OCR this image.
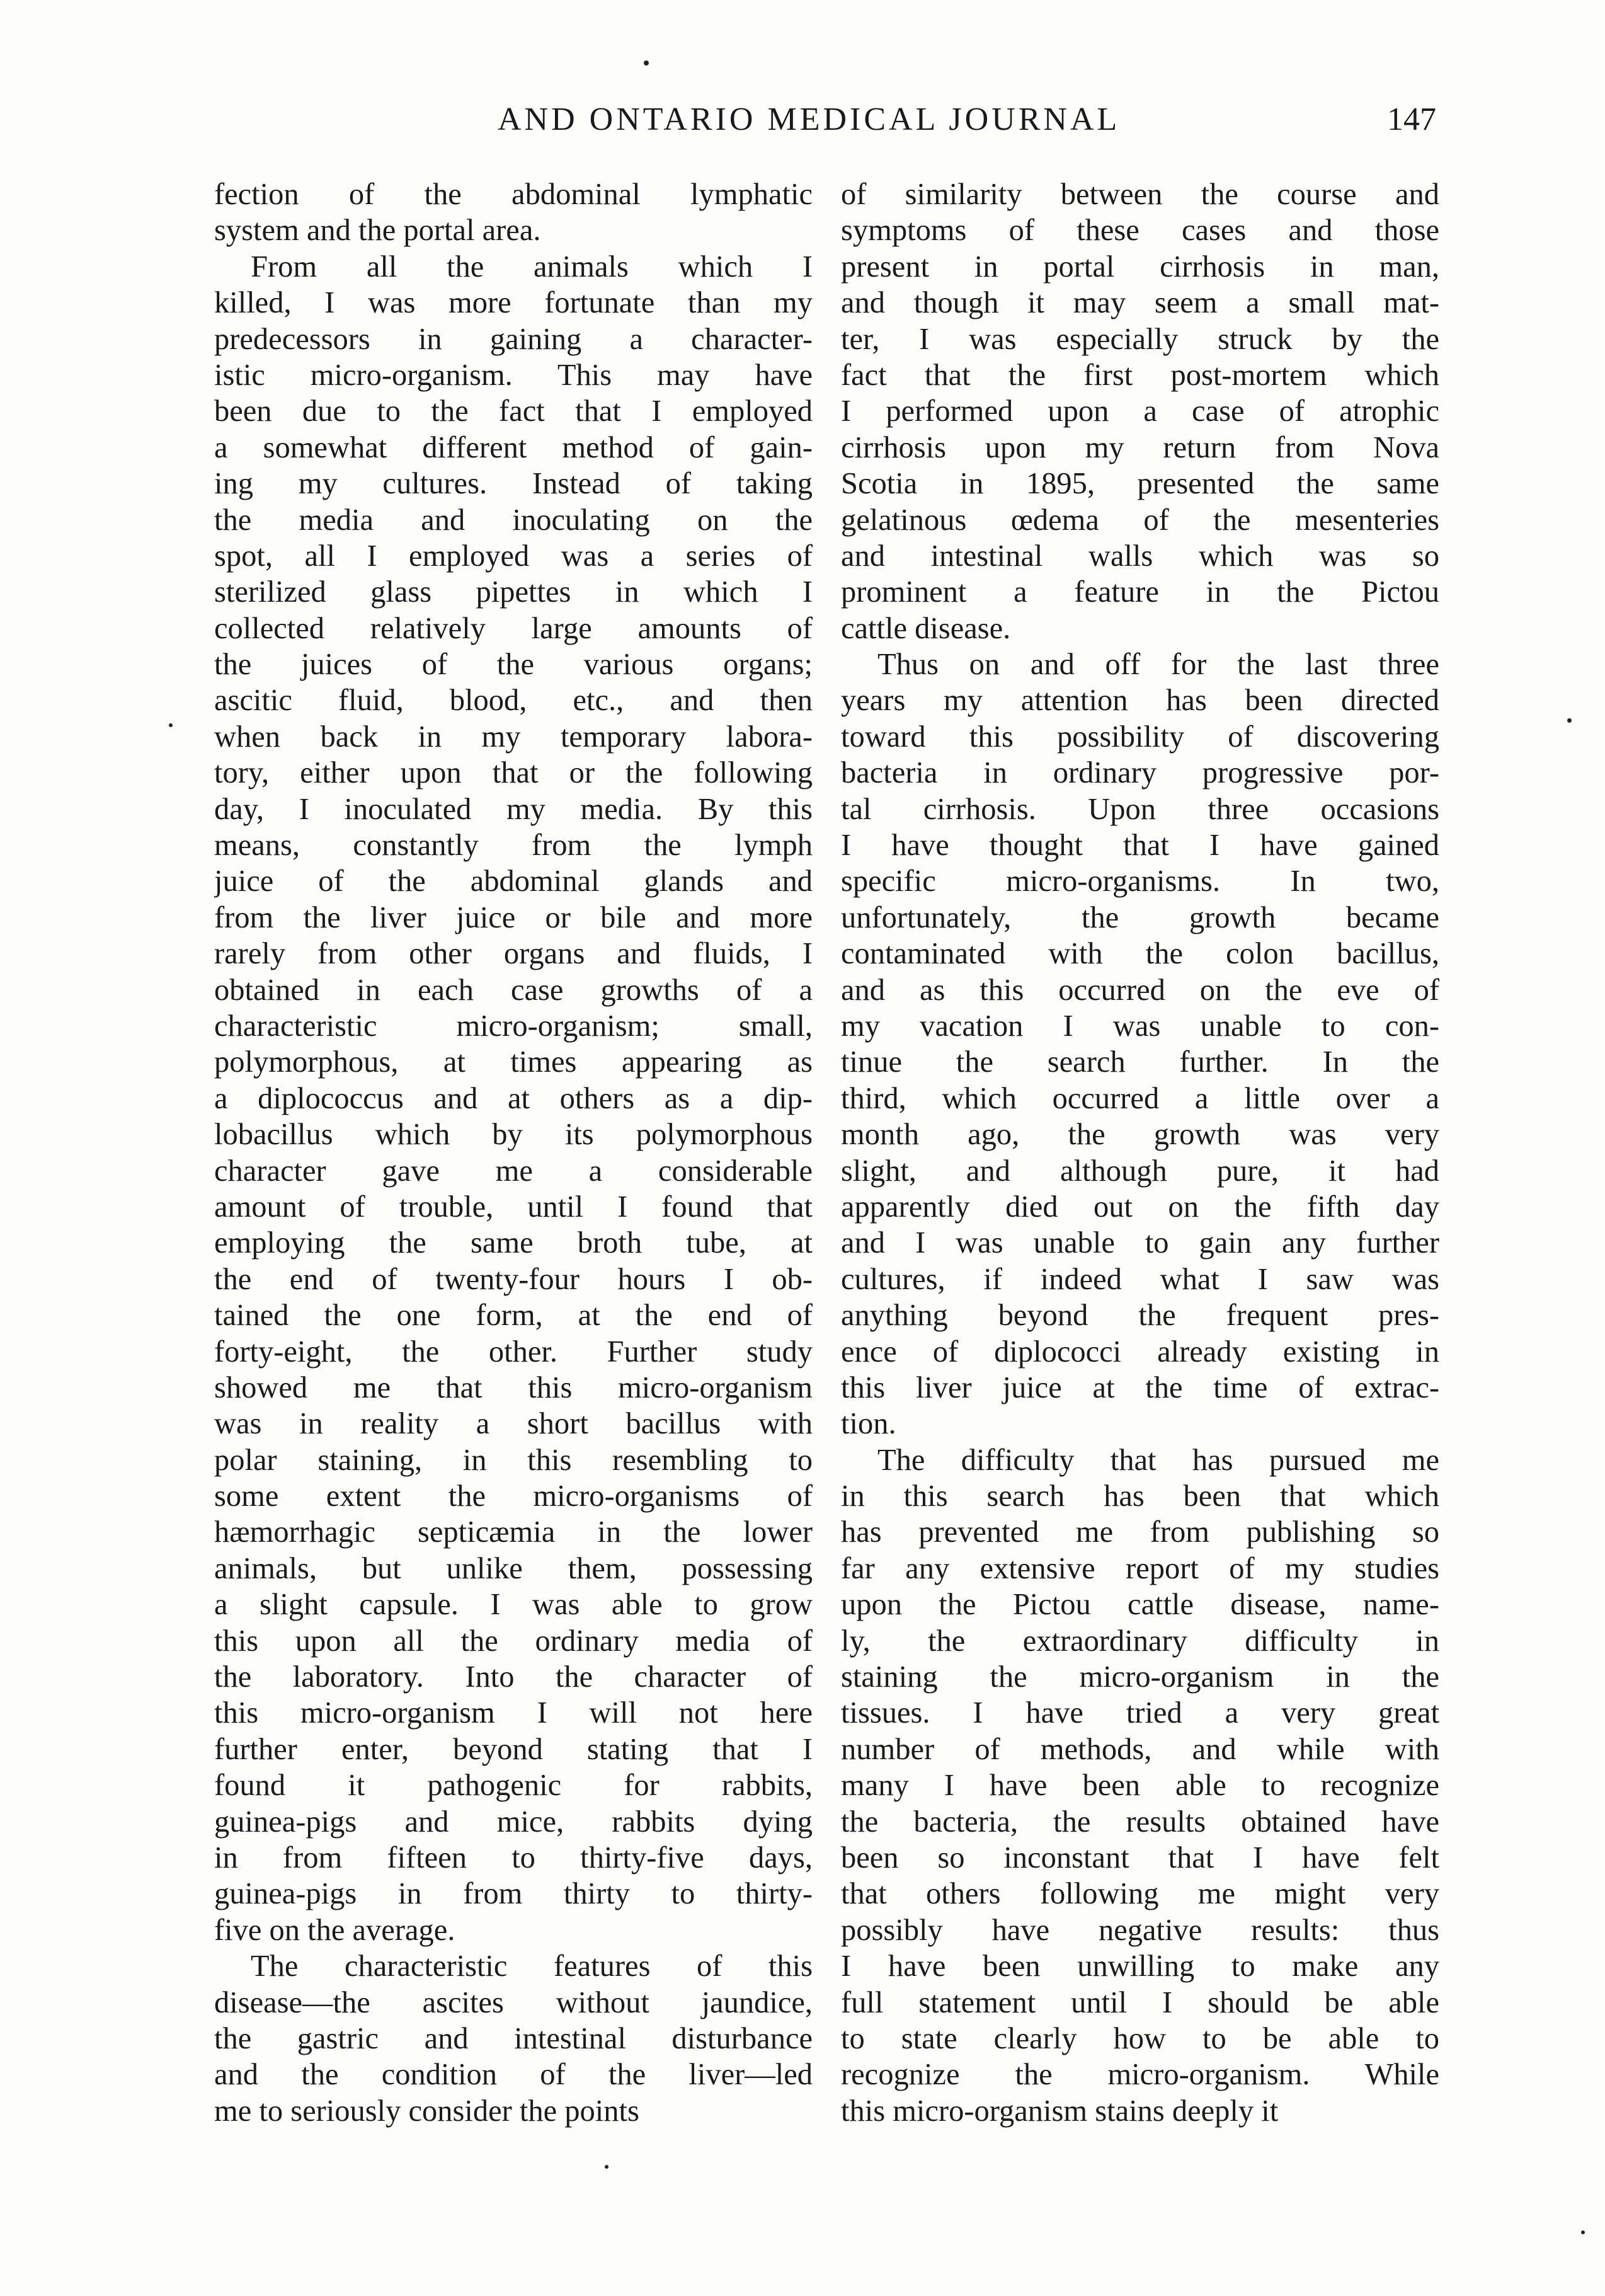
AND ONTARIO MEDICAL JOURNAL	147
fection of the abdominal lymphatic
system and the portal area.
From all the animals which I
killed, I was more fortunate than my
predecessors in gaining a character-
istic micro-organism. This may have
been due to the fact that I employed
a somewhat different method of gain-
ing my cultures. Instead of taking
the media and inoculating on the
spot, all I employed was a series of
sterilized glass pipettes in which I
collected relatively large amounts of
the juices of the various organs;
ascitic fluid, blood, etc., and then
when back in my temporary labora-
tory, either upon that or the following
day, I inoculated my media. By this
means, constantly from the lymph
juice of the abdominal glands and
from the liver juice or bile and more
rarely from other organs and fluids, I
obtained in each case growths of a
characteristic micro-organism; small,
polymorphous, at times appearing as
a diplococcus and at others as a dip-
lobacillus which by its polymorphous
character gave me a considerable
amount of trouble, until I found that
employing the same broth tube, at
the end of twenty-four hours I ob-
tained the one form, at the end of
forty-eight, the other. Further study
showed me that this micro-organism
was in reality a short bacillus with
polar staining, in this resembling to
some extent the micro-organisms of
hæmorrhagic septicæmia in the lower
animals, but unlike them, possessing
a slight capsule. I was able to grow
this upon all the ordinary media of
the laboratory. Into the character of
this micro-organism I will not here
further enter, beyond stating that I
found it pathogenic for rabbits,
guinea-pigs and mice, rabbits dying
in from fifteen to thirty-five days,
guinea-pigs in from thirty to thirty-
five on the average.
The characteristic features of this
disease—the ascites without jaundice,
the gastric and intestinal disturbance
and the condition of the liver—led
me to seriously consider the points
of similarity between the course and
symptoms of these cases and those
present in portal cirrhosis in man,
and though it may seem a small mat-
ter, I was especially struck by the
fact that the first post-mortem which
I performed upon a case of atrophic
cirrhosis upon my return from Nova
Scotia in 1895, presented the same
gelatinous œdema of the mesenteries
and intestinal walls which was so
prominent a feature in the Pictou
cattle disease.
Thus on and off for the last three
years my attention has been directed
toward this possibility of discovering
bacteria in ordinary progressive por-
tal cirrhosis. Upon three occasions
I have thought that I have gained
specific micro-organisms. In two,
unfortunately, the growth became
contaminated with the colon bacillus,
and as this occurred on the eve of
my vacation I was unable to con-
tinue the search further. In the
third, which occurred a little over a
month ago, the growth was very
slight, and although pure, it had
apparently died out on the fifth day
and I was unable to gain any further
cultures, if indeed what I saw was
anything beyond the frequent pres-
ence of diplococci already existing in
this liver juice at the time of extrac-
tion.
The difficulty that has pursued me
in this search has been that which
has prevented me from publishing so
far any extensive report of my studies
upon the Pictou cattle disease, name-
ly, the extraordinary difficulty in
staining the micro-organism in the
tissues. I have tried a very great
number of methods, and while with
many I have been able to recognize
the bacteria, the results obtained have
been so inconstant that I have felt
that others following me might very
possibly have negative results: thus
I have been unwilling to make any
full statement until I should be able
to state clearly how to be able to
recognize the micro-organism. While
this micro-organism stains deeply it
